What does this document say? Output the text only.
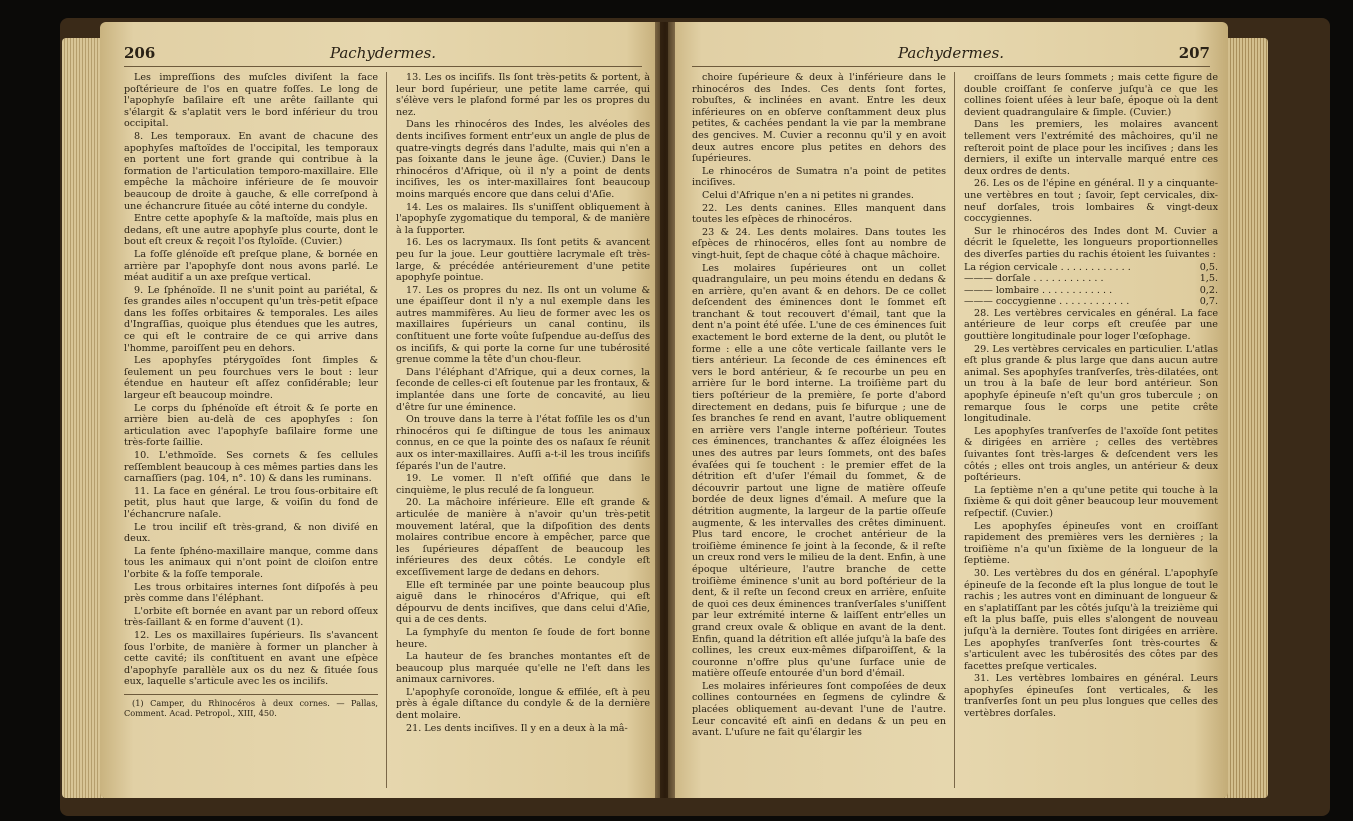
206	Pachydermes.

Les impreſſions des muſcles diviſent la face poſtérieure de l'os en quatre foſſes. Le long de l'apophyſe baſilaire eſt une arête ſaillante qui s'élargit & s'aplatit vers le bord inférieur du trou occipital.

8. Les temporaux. En avant de chacune des apophyſes maſtoïdes de l'occipital, les temporaux en portent une fort grande qui contribue à la formation de l'articulation temporo-maxillaire. Elle empêche la mâchoire inférieure de ſe mouvoir beaucoup de droite à gauche, & elle correſpond à une échancrure ſituée au côté interne du condyle.

Entre cette apophyſe & la maſtoïde, mais plus en dedans, eſt une autre apophyſe plus courte, dont le bout eſt creux & reçoit l'os ſtyloïde. (Cuvier.)

La foſſe glénoïde eſt preſque plane, & bornée en arrière par l'apophyſe dont nous avons parlé. Le méat auditif a un axe preſque vertical.

9. Le ſphénoïde. Il ne s'unit point au pariétal, & ſes grandes ailes n'occupent qu'un très-petit eſpace dans les foſſes orbitaires & temporales. Les ailes d'Ingraſſias, quoique plus étendues que les autres, ce qui eſt le contraire de ce qui arrive dans l'homme, paroiſſent peu en dehors.

Les apophyſes ptérygoïdes ſont ſimples & ſeulement un peu fourchues vers le bout : leur étendue en hauteur eſt aſſez conſidérable; leur largeur eſt beaucoup moindre.

Le corps du ſphénoïde eſt étroit & ſe porte en arrière bien au-delà de ces apophyſes : ſon articulation avec l'apophyſe baſilaire forme une très-forte ſaillie.

10. L'ethmoïde. Ses cornets & ſes cellules reſſemblent beaucoup à ces mêmes parties dans les carnaſſiers (pag. 104, n°. 10) & dans les ruminans.

11. La face en général. Le trou ſous-orbitaire eſt petit, plus haut que large, & voiſin du fond de l'échancrure naſale.

Le trou incilif eſt très-grand, & non diviſé en deux.

La fente ſphéno-maxillaire manque, comme dans tous les animaux qui n'ont point de cloiſon entre l'orbite & la foſſe temporale.

Les trous orbitaires internes ſont diſpoſés à peu près comme dans l'éléphant.

L'orbite eſt bornée en avant par un rebord oſſeux très-ſaillant & en forme d'auvent (1).

12. Les os maxillaires ſupérieurs. Ils s'avancent ſous l'orbite, de manière à former un plancher à cette cavité; ils conſtituent en avant une eſpèce d'apophyſe parallèle aux os du nez & ſituée ſous eux, laquelle s'articule avec les os incilifs.

(1) Camper, du Rhinocéros à deux cornes. — Pallas, Comment. Acad. Petropol., XIII, 450.

13. Les os inciſifs. Ils ſont très-petits & portent, à leur bord ſupérieur, une petite lame carrée, qui s'élève vers le plafond formé par les os propres du nez.

Dans les rhinocéros des Indes, les alvéoles des dents inciſives forment entr'eux un angle de plus de quatre-vingts degrés dans l'adulte, mais qui n'en a pas ſoixante dans le jeune âge. (Cuvier.) Dans le rhinocéros d'Afrique, où il n'y a point de dents inciſives, les os inter-maxillaires ſont beaucoup moins marqués encore que dans celui d'Aſie.

14. Les os malaires. Ils s'uniſſent obliquement à l'apophyſe zygomatique du temporal, & de manière à la ſupporter.

16. Les os lacrymaux. Ils ſont petits & avancent peu ſur la joue. Leur gouttière lacrymale eſt très-large, & précédée antérieurement d'une petite apophyſe pointue.

17. Les os propres du nez. Ils ont un volume & une épaiſſeur dont il n'y a nul exemple dans les autres mammifères. Au lieu de former avec les os maxillaires ſupérieurs un canal continu, ils conſtituent une forte voûte ſuſpendue au-deſſus des os inciſifs, & qui porte la corne ſur une tubérosité grenue comme la tête d'un chou-fleur.

Dans l'éléphant d'Afrique, qui a deux cornes, la ſeconde de celles-ci eſt ſoutenue par les frontaux, & implantée dans une ſorte de concavité, au lieu d'être ſur une éminence.

On trouve dans la terre à l'état foſſile les os d'un rhinocéros qui ſe diſtingue de tous les animaux connus, en ce que la pointe des os naſaux ſe réunit aux os inter-maxillaires. Auſſi a-t-il les trous inciſifs ſéparés l'un de l'autre.

19. Le vomer. Il n'eſt oſſifié que dans le cinquième, le plus reculé de ſa longueur.

20. La mâchoire inférieure. Elle eſt grande & articulée de manière à n'avoir qu'un très-petit mouvement latéral, que la diſpoſition des dents molaires contribue encore à empêcher, parce que les ſupérieures dépaſſent de beaucoup les inférieures des deux côtés. Le condyle eſt exceſſivement large de dedans en dehors.

Elle eſt terminée par une pointe beaucoup plus aiguë dans le rhinocéros d'Afrique, qui eſt dépourvu de dents inciſives, que dans celui d'Aſie, qui a de ces dents.

La ſymphyſe du menton ſe ſoude de fort bonne heure.

La hauteur de ſes branches montantes eſt de beaucoup plus marquée qu'elle ne l'eſt dans les animaux carnivores.

L'apophyſe coronoïde, longue & effilée, eſt à peu près à égale diſtance du condyle & de la dernière dent molaire.

21. Les dents inciſives. Il y en a deux à la mâ-

Pachydermes.	207

choire ſupérieure & deux à l'inférieure dans le rhinocéros des Indes. Ces dents ſont fortes, robuſtes, & inclinées en avant. Entre les deux inférieures on en obſerve conſtamment deux plus petites, & cachées pendant la vie par la membrane des gencives. M. Cuvier a reconnu qu'il y en avoit deux autres encore plus petites en dehors des ſupérieures.

Le rhinocéros de Sumatra n'a point de petites inciſives.

Celui d'Afrique n'en a ni petites ni grandes.

22. Les dents canines. Elles manquent dans toutes les eſpèces de rhinocéros.

23 & 24. Les dents molaires. Dans toutes les eſpèces de rhinocéros, elles ſont au nombre de vingt-huit, ſept de chaque côté à chaque mâchoire.

Les molaires ſupérieures ont un collet quadrangulaire, un peu moins étendu en dedans & en arrière, qu'en avant & en dehors. De ce collet deſcendent des éminences dont le ſommet eſt tranchant & tout recouvert d'émail, tant que la dent n'a point été uſée. L'une de ces éminences ſuit exactement le bord externe de la dent, ou plutôt le forme : elle a une côte verticale ſaillante vers le tiers antérieur. La ſeconde de ces éminences eſt vers le bord antérieur, & ſe recourbe un peu en arrière ſur le bord interne. La troiſième part du tiers poſtérieur de la première, ſe porte d'abord directement en dedans, puis ſe bifurque ; une de ſes branches ſe rend en avant, l'autre obliquement en arrière vers l'angle interne poſtérieur. Toutes ces éminences, tranchantes & aſſez éloignées les unes des autres par leurs ſommets, ont des baſes évaſées qui ſe touchent : le premier effet de la détrition eſt d'uſer l'émail du ſommet, & de découvrir partout une ligne de matière oſſeuſe bordée de deux lignes d'émail. A meſure que la détrition augmente, la largeur de la partie oſſeuſe augmente, & les intervalles des crêtes diminuent. Plus tard encore, le crochet antérieur de la troiſième éminence ſe joint à la ſeconde, & il reſte un creux rond vers le milieu de la dent. Enfin, à une époque ultérieure, l'autre branche de cette troiſième éminence s'unit au bord poſtérieur de la dent, & il reſte un ſecond creux en arrière, enſuite de quoi ces deux éminences tranſverſales s'uniſſent par leur extrémité interne & laiſſent entr'elles un grand creux ovale & oblique en avant de la dent. Enfin, quand la détrition eſt allée juſqu'à la baſe des collines, les creux eux-mêmes diſparoiſſent, & la couronne n'offre plus qu'une ſurface unie de matière oſſeuſe entourée d'un bord d'émail.

Les molaires inférieures ſont compoſées de deux collines contournées en ſegmens de cylindre & placées obliquement au-devant l'une de l'autre. Leur concavité eſt ainſi en dedans & un peu en avant. L'uſure ne fait qu'élargir les

croiſſans de leurs ſommets ; mais cette figure de double croiſſant ſe conſerve juſqu'à ce que les collines ſoient uſées à leur baſe, époque où la dent devient quadrangulaire & ſimple. (Cuvier.)

Dans les premiers, les molaires avancent tellement vers l'extrémité des mâchoires, qu'il ne reſteroit point de place pour les inciſives ; dans les derniers, il exiſte un intervalle marqué entre ces deux ordres de dents.

26. Les os de l'épine en général. Il y a cinquante-une vertèbres en tout ; ſavoir, ſept cervicales, dix-neuf dorſales, trois lombaires & vingt-deux coccygiennes.

Sur le rhinocéros des Indes dont M. Cuvier a décrit le ſquelette, les longueurs proportionnelles des diverſes parties du rachis étoient les ſuivantes :

La région cervicale . . . . . . . . . . . .	0,5.
——— dorſale . . . . . . . . . . . .	1,5.
——— lombaire . . . . . . . . . . . .	0,2.
——— coccygienne . . . . . . . . . . . .	0,7.

28. Les vertèbres cervicales en général. La face antérieure de leur corps eſt creuſée par une gouttière longitudinale pour loger l'œſophage.

29. Les vertèbres cervicales en particulier. L'atlas eſt plus grande & plus large que dans aucun autre animal. Ses apophyſes tranſverſes, très-dilatées, ont un trou à la baſe de leur bord antérieur. Son apophyſe épineuſe n'eſt qu'un gros tubercule ; on remarque ſous le corps une petite crête longitudinale.

Les apophyſes tranſverſes de l'axoïde ſont petites & dirigées en arrière ; celles des vertèbres ſuivantes ſont très-larges & deſcendent vers les côtés ; elles ont trois angles, un antérieur & deux poſtérieurs.

La ſeptième n'en a qu'une petite qui touche à la ſixième & qui doit gêner beaucoup leur mouvement reſpectif. (Cuvier.)

Les apophyſes épineuſes vont en croiſſant rapidement des premières vers les dernières ; la troiſième n'a qu'un ſixième de la longueur de la ſeptième.

30. Les vertèbres du dos en général. L'apophyſe épineuſe de la ſeconde eſt la plus longue de tout le rachis ; les autres vont en diminuant de longueur & en s'aplatiſſant par les côtés juſqu'à la treizième qui eſt la plus baſſe, puis elles s'alongent de nouveau juſqu'à la dernière. Toutes ſont dirigées en arrière. Les apophyſes tranſverſes ſont très-courtes & s'articulent avec les tubérosités des côtes par des facettes preſque verticales.

31. Les vertèbres lombaires en général. Leurs apophyſes épineuſes ſont verticales, & les tranſverſes ſont un peu plus longues que celles des vertèbres dorſales.
